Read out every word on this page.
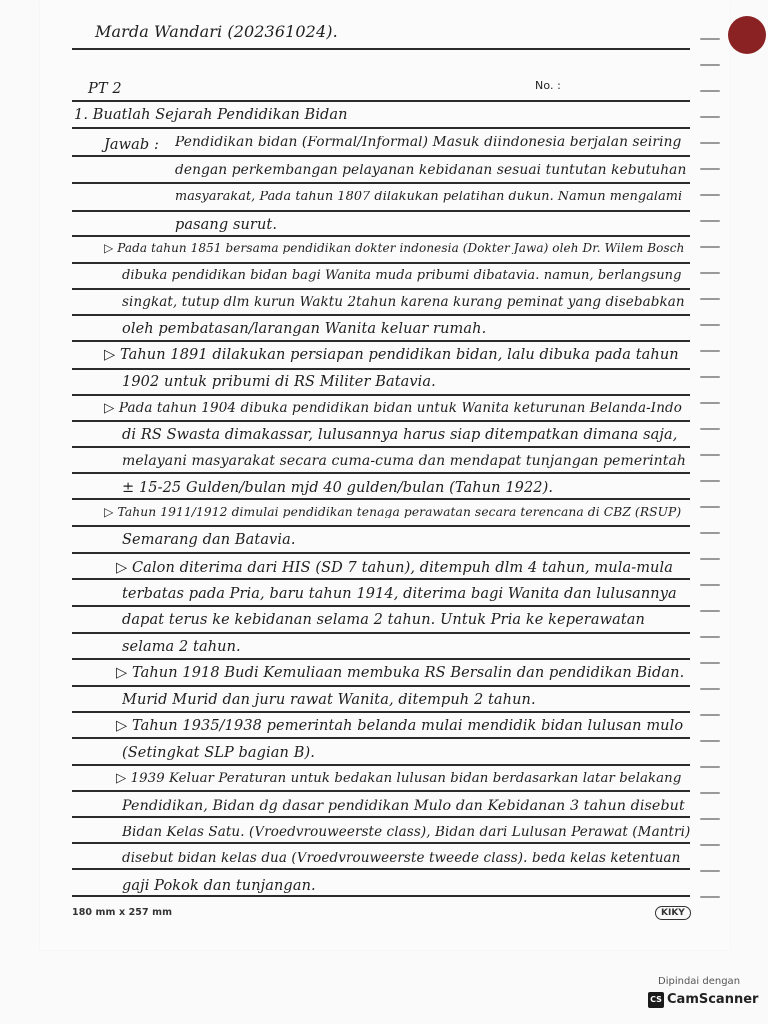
Marda Wandari (202361024).
PT 2	No. :
1. Buatlah Sejarah Pendidikan Bidan
Jawab : Pendidikan bidan (Formal/Informal) Masuk diindonesia berjalan seiring
dengan perkembangan pelayanan kebidanan sesuai tuntutan kebutuhan
masyarakat, Pada tahun 1807 dilakukan pelatihan dukun. Namun mengalami
pasang surut.
▷ Pada tahun 1851 bersama pendidikan dokter indonesia (Dokter Jawa) oleh Dr. Wilem Bosch
dibuka pendidikan bidan bagi Wanita muda pribumi dibatavia. namun, berlangsung
singkat, tutup dlm kurun Waktu 2tahun karena kurang peminat yang disebabkan
oleh pembatasan/larangan Wanita keluar rumah.
▷ Tahun 1891 dilakukan persiapan pendidikan bidan, lalu dibuka pada tahun
1902 untuk pribumi di RS Militer Batavia.
▷ Pada tahun 1904 dibuka pendidikan bidan untuk Wanita keturunan Belanda-Indo
di RS Swasta dimakassar, lulusannya harus siap ditempatkan dimana saja,
melayani masyarakat secara cuma-cuma dan mendapat tunjangan pemerintah
± 15-25 Gulden/bulan mjd 40 gulden/bulan (Tahun 1922).
▷ Tahun 1911/1912 dimulai pendidikan tenaga perawatan secara terencana di CBZ (RSUP)
Semarang dan Batavia.
▷ Calon diterima dari HIS (SD 7 tahun), ditempuh dlm 4 tahun, mula-mula
terbatas pada Pria, baru tahun 1914, diterima bagi Wanita dan lulusannya
dapat terus ke kebidanan selama 2 tahun. Untuk Pria ke keperawatan
selama 2 tahun.
▷ Tahun 1918 Budi Kemuliaan membuka RS Bersalin dan pendidikan Bidan.
Murid Murid dan juru rawat Wanita, ditempuh 2 tahun.
▷ Tahun 1935/1938 pemerintah belanda mulai mendidik bidan lulusan mulo
(Setingkat SLP bagian B).
▷ 1939 Keluar Peraturan untuk bedakan lulusan bidan berdasarkan latar belakang
Pendidikan, Bidan dg dasar pendidikan Mulo dan Kebidanan 3 tahun disebut
Bidan Kelas Satu. (Vroedvrouweerste class), Bidan dari Lulusan Perawat (Mantri)
disebut bidan kelas dua (Vroedvrouweerste tweede class). beda kelas ketentuan
gaji Pokok dan tunjangan.
180 mm x 257 mm	KIKY
Dipindai dengan
CS CamScanner
